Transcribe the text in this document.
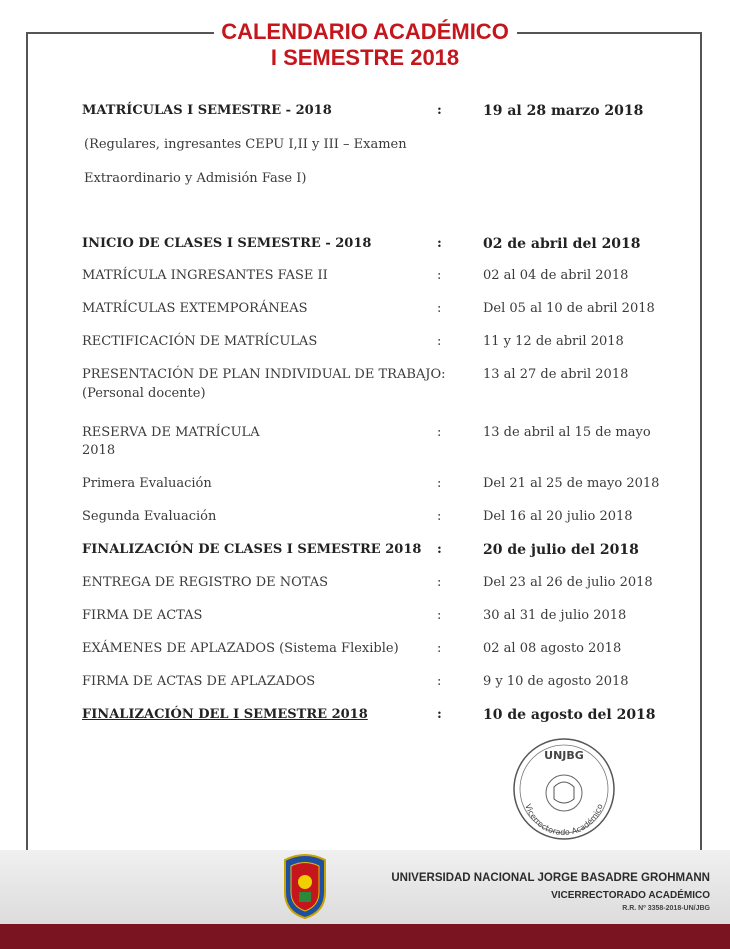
CALENDARIO ACADÉMICO
I SEMESTRE 2018
MATRÍCULAS I SEMESTRE - 2018	:	19 al 28 marzo 2018
(Regulares, ingresantes CEPU I,II y III – Examen
Extraordinario y Admisión Fase I)
INICIO DE CLASES I SEMESTRE - 2018	:	02 de abril del 2018
MATRÍCULA INGRESANTES FASE II	:	02 al 04 de abril 2018
MATRÍCULAS EXTEMPORÁNEAS	:	Del 05 al 10 de abril 2018
RECTIFICACIÓN DE MATRÍCULAS	:	11 y 12 de abril 2018
PRESENTACIÓN DE PLAN INDIVIDUAL DE TRABAJO:	13 al 27 de abril 2018
(Personal docente)
RESERVA DE MATRÍCULA	:	13 de abril al 15 de mayo
2018
Primera Evaluación	:	Del 21 al 25 de mayo 2018
Segunda Evaluación	:	Del 16 al 20 julio 2018
FINALIZACIÓN DE CLASES I SEMESTRE 2018 :	20 de julio del 2018
ENTREGA DE REGISTRO DE NOTAS	:	Del 23 al 26 de julio 2018
FIRMA DE ACTAS	:	30 al 31 de julio 2018
EXÁMENES DE APLAZADOS (Sistema Flexible)	:	02 al 08 agosto 2018
FIRMA DE ACTAS DE APLAZADOS	:	9 y 10 de agosto 2018
FINALIZACIÓN DEL I SEMESTRE 2018	:	10 de agosto del 2018
UNJBG
Vicerrectorado Académico
UNIVERSIDAD NACIONAL JORGE BASADRE GROHMANN
VICERRECTORADO ACADÉMICO
R.R. Nº 3358-2018-UN/JBG
